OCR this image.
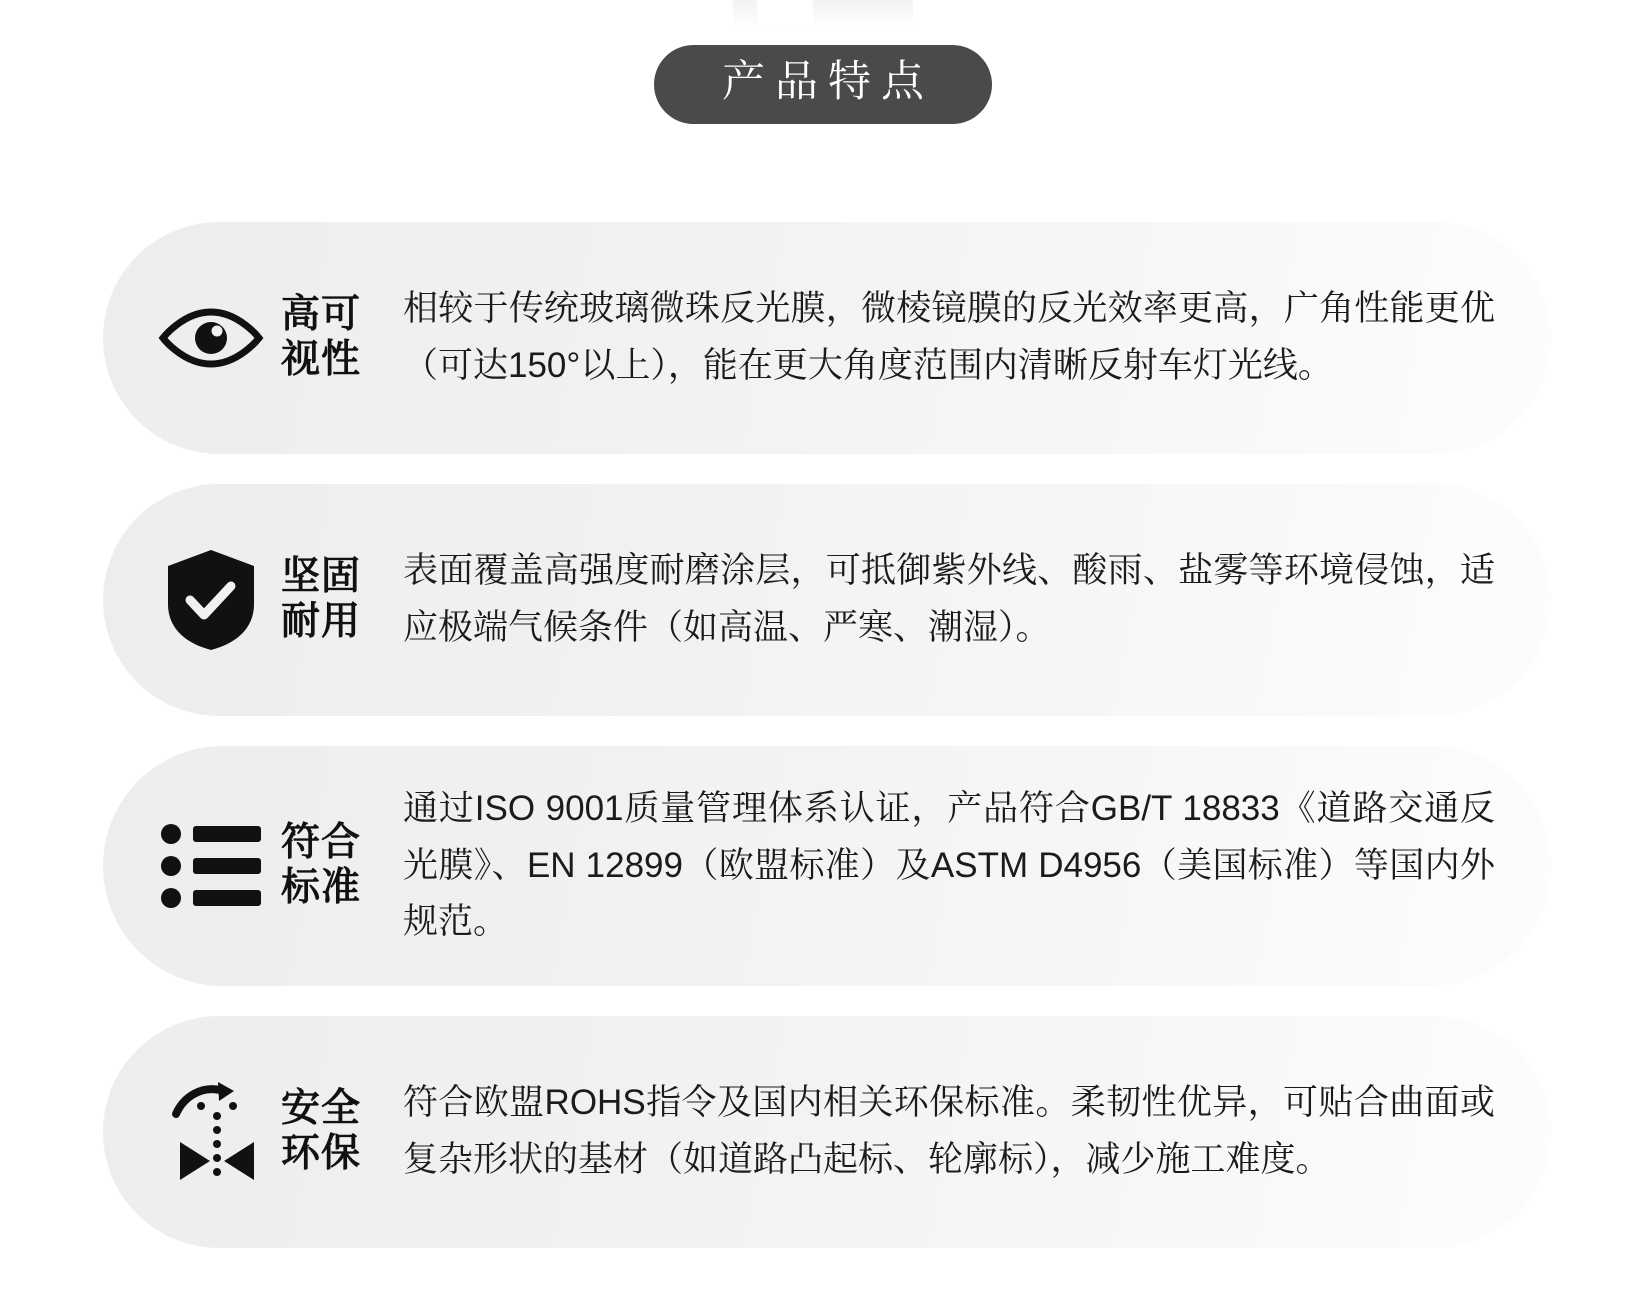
产品特点
高可
视性
相较于传统玻璃微珠反光膜，微棱镜膜的反光效率更高，广角性能更优（可达150°以上），能在更大角度范围内清晰反射车灯光线。
坚固
耐用
表面覆盖高强度耐磨涂层，可抵御紫外线、酸雨、盐雾等环境侵蚀，适应极端气候条件（如高温、严寒、潮湿）。
符合
标准
通过ISO 9001质量管理体系认证，产品符合GB/T 18833《道路交通反光膜》、EN 12899（欧盟标准）及ASTM D4956（美国标准）等国内外规范。
安全
环保
符合欧盟ROHS指令及国内相关环保标准。柔韧性优异，可贴合曲面或复杂形状的基材（如道路凸起标、轮廓标），减少施工难度。
